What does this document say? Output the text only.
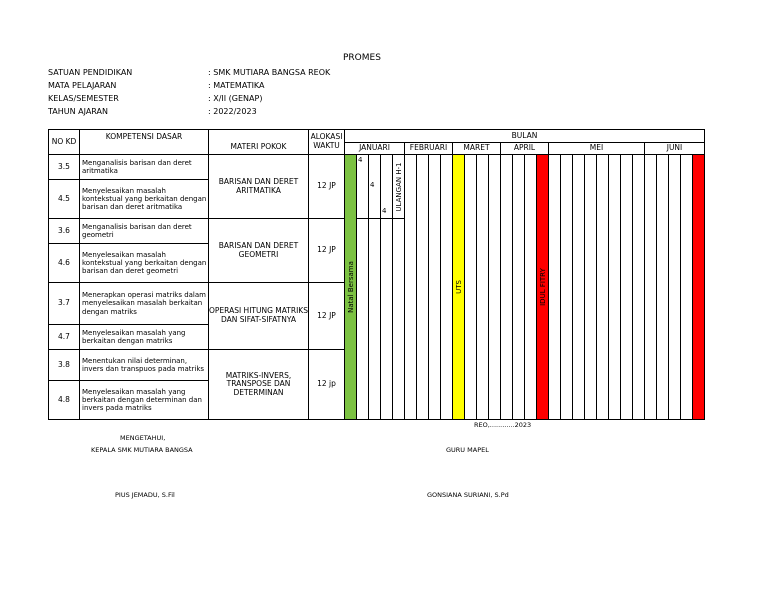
PROMES
SATUAN PENDIDIKAN	: SMK MUTIARA BANGSA REOK
MATA PELAJARAN	: MATEMATIKA
KELAS/SEMESTER	: X/II (GENAP)
TAHUN AJARAN	: 2022/2023
NO KD	KOMPETENSI DASAR	MATERI POKOK	ALOKASI WAKTU	BULAN																													
				JANUARI					FEBRUARI				MARET				APRIL				MEI								JUNI				
3.5	Menganalisis barisan dan deret aritmatika	BARISAN DAN DERET ARITMATIKA	12 JP	Natal Bersama	4	4	4	ULANGAN H-1					UTS							IDUL FITRY													

4.5	Menyelesaikan masalah kontekstual yang berkaitan dengan barisan dan deret aritmatika																																
3.6	Menganalisis barisan dan deret geometri	BARISAN DAN DERET GEOMETRI	12 JP																														
4.6	Menyelesaikan masalah kontekstual yang berkaitan dengan barisan dan deret geometri																																
3.7	Menerapkan operasi matriks dalam menyelesaikan masalah berkaitan dengan matriks	OPERASI HITUNG MATRIKS DAN SIFAT-SIFATNYA	12 JP																														
4.7	Menyelesaikan masalah yang berkaitan dengan matriks																																
3.8	Menentukan nilai determinan, invers dan transpuos pada matriks	MATRIKS-INVERS, TRANSPOSE DAN DETERMINAN	12 jp																														
4.8	Menyelesaikan masalah yang berkaitan dengan determinan dan invers pada matriks																																
REO,............2023
MENGETAHUI,
KEPALA SMK MUTIARA BANGSA	GURU MAPEL
PIUS JEMADU, S.Fil	GONSIANA SURIANI, S.Pd
